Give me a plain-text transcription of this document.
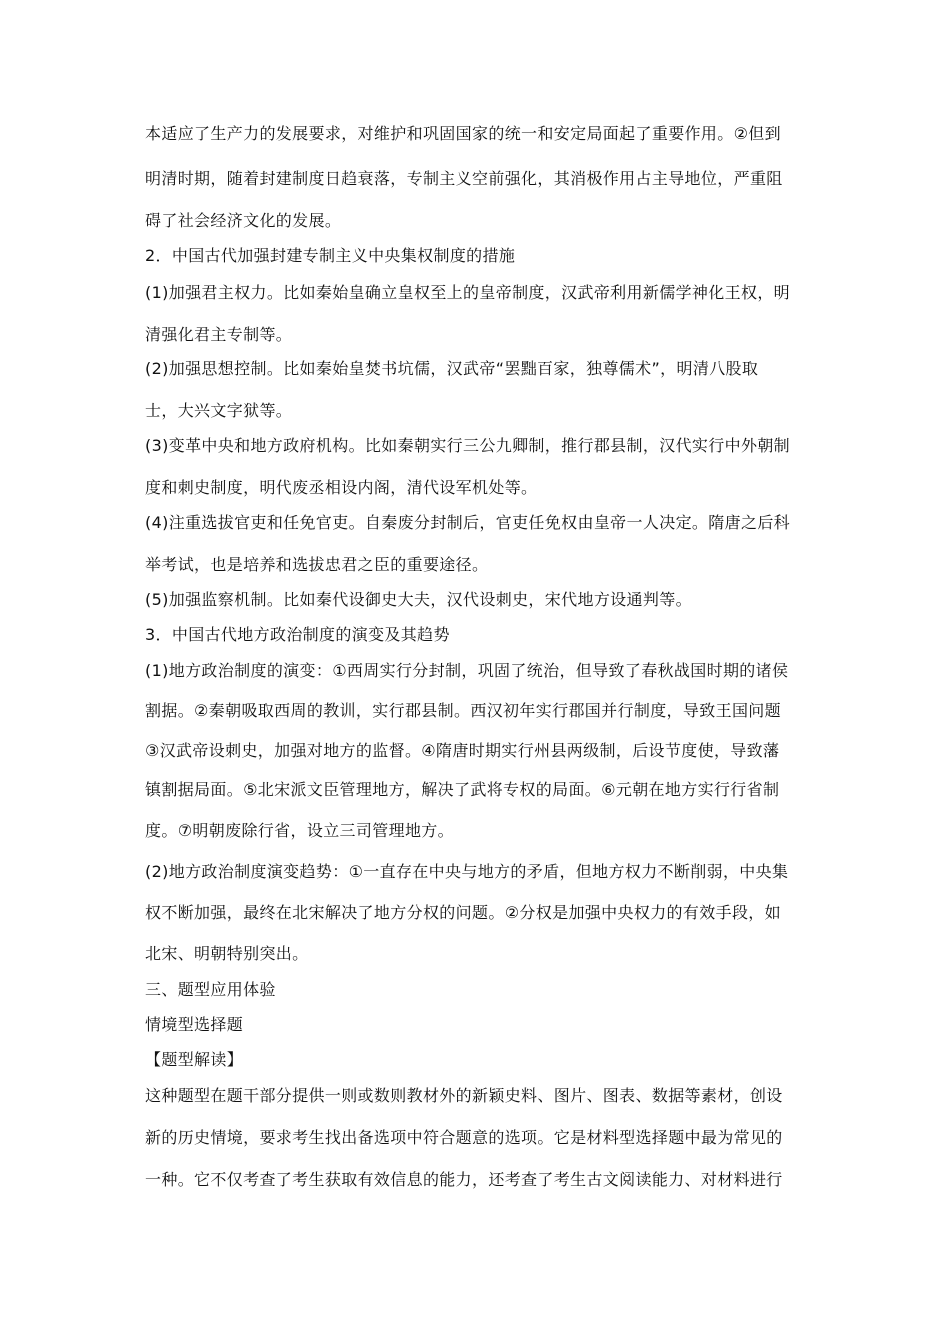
本适应了生产力的发展要求，对维护和巩固国家的统一和安定局面起了重要作用。②但到
明清时期，随着封建制度日趋衰落，专制主义空前强化，其消极作用占主导地位，严重阻
碍了社会经济文化的发展。
2．中国古代加强封建专制主义中央集权制度的措施
(1)加强君主权力。比如秦始皇确立皇权至上的皇帝制度，汉武帝利用新儒学神化王权，明
清强化君主专制等。
(2)加强思想控制。比如秦始皇焚书坑儒，汉武帝“罢黜百家，独尊儒术”，明清八股取
士，大兴文字狱等。
(3)变革中央和地方政府机构。比如秦朝实行三公九卿制，推行郡县制，汉代实行中外朝制
度和刺史制度，明代废丞相设内阁，清代设军机处等。
(4)注重选拔官吏和任免官吏。自秦废分封制后，官吏任免权由皇帝一人决定。隋唐之后科
举考试，也是培养和选拔忠君之臣的重要途径。
(5)加强监察机制。比如秦代设御史大夫，汉代设刺史，宋代地方设通判等。
3．中国古代地方政治制度的演变及其趋势
(1)地方政治制度的演变：①西周实行分封制，巩固了统治，但导致了春秋战国时期的诸侯
割据。②秦朝吸取西周的教训，实行郡县制。西汉初年实行郡国并行制度，导致王国问题
③汉武帝设刺史，加强对地方的监督。④隋唐时期实行州县两级制，后设节度使，导致藩
镇割据局面。⑤北宋派文臣管理地方，解决了武将专权的局面。⑥元朝在地方实行行省制
度。⑦明朝废除行省，设立三司管理地方。
(2)地方政治制度演变趋势：①一直存在中央与地方的矛盾，但地方权力不断削弱，中央集
权不断加强，最终在北宋解决了地方分权的问题。②分权是加强中央权力的有效手段，如
北宋、明朝特别突出。
三、题型应用体验
情境型选择题
【题型解读】
这种题型在题干部分提供一则或数则教材外的新颖史料、图片、图表、数据等素材，创设
新的历史情境，要求考生找出备选项中符合题意的选项。它是材料型选择题中最为常见的
一种。它不仅考查了考生获取有效信息的能力，还考查了考生古文阅读能力、对材料进行
